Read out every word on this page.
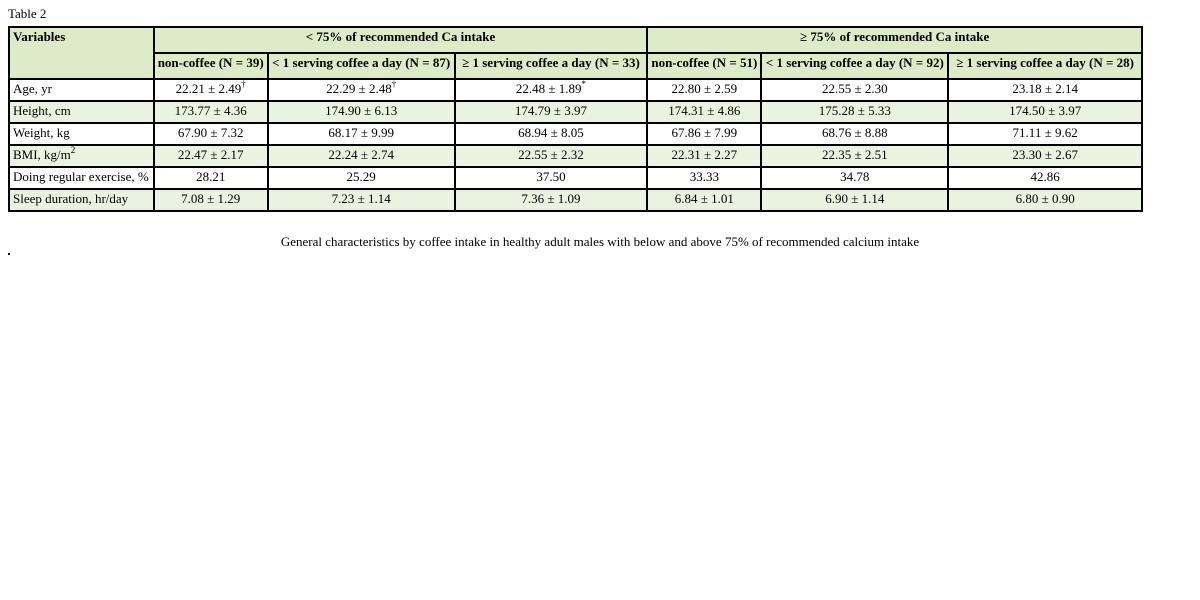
Table 2
Variables	< 75% of recommended Ca intake			≥ 75% of recommended Ca intake		
	non-coffee (N = 39)	< 1 serving coffee a day (N = 87)	≥ 1 serving coffee a day (N = 33)	non-coffee (N = 51)	< 1 serving coffee a day (N = 92)	≥ 1 serving coffee a day (N = 28)
Age, yr	22.21 ± 2.49†	22.29 ± 2.48†	22.48 ± 1.89*	22.80 ± 2.59	22.55 ± 2.30	23.18 ± 2.14
Height, cm	173.77 ± 4.36	174.90 ± 6.13	174.79 ± 3.97	174.31 ± 4.86	175.28 ± 5.33	174.50 ± 3.97
Weight, kg	67.90 ± 7.32	68.17 ± 9.99	68.94 ± 8.05	67.86 ± 7.99	68.76 ± 8.88	71.11 ± 9.62
BMI, $kg/m^2$	22.47 ± 2.17	22.24 ± 2.74	22.55 ± 2.32	22.31 ± 2.27	22.35 ± 2.51	23.30 ± 2.67
Doing regular exercise, %	28.21	25.29	37.50	33.33	34.78	42.86
Sleep duration, hr/day	7.08 ± 1.29	7.23 ± 1.14	7.36 ± 1.09	6.84 ± 1.01	6.90 ± 1.14	6.80 ± 0.90
General characteristics by coffee intake in healthy adult males with below and above 75% of recommended calcium intake
